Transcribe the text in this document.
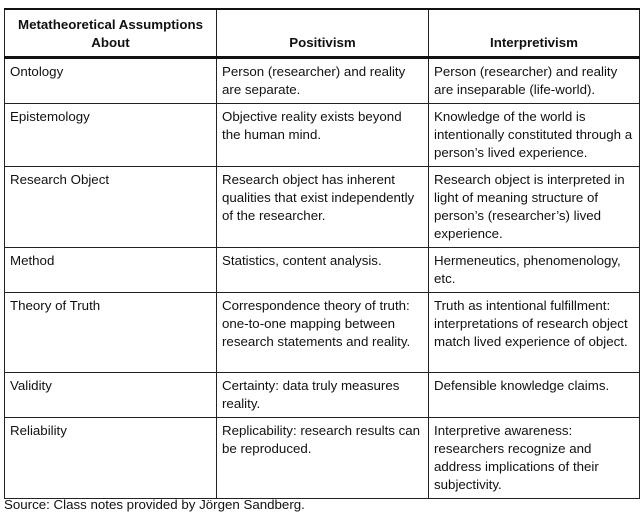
Metatheoretical Assumptions About	Positivism	Interpretivism
Ontology	Person (researcher) and reality are separate.	Person (researcher) and reality are inseparable (life-world).
Epistemology	Objective reality exists beyond the human mind.	Knowledge of the world is intentionally constituted through a person’s lived experience.
Research Object	Research object has inherent qualities that exist independently of the researcher.	Research object is interpreted in light of meaning structure of person’s (researcher’s) lived experience.
Method	Statistics, content analysis.	Hermeneutics, phenomenology, etc.
Theory of Truth	Correspondence theory of truth: one-to-one mapping between research statements and reality.	Truth as intentional fulfillment: interpretations of research object match lived experience of object.
Validity	Certainty: data truly measures reality.	Defensible knowledge claims.
Reliability	Replicability: research results can be reproduced.	Interpretive awareness: researchers recognize and address implications of their subjectivity.
Source: Class notes provided by Jörgen Sandberg.
